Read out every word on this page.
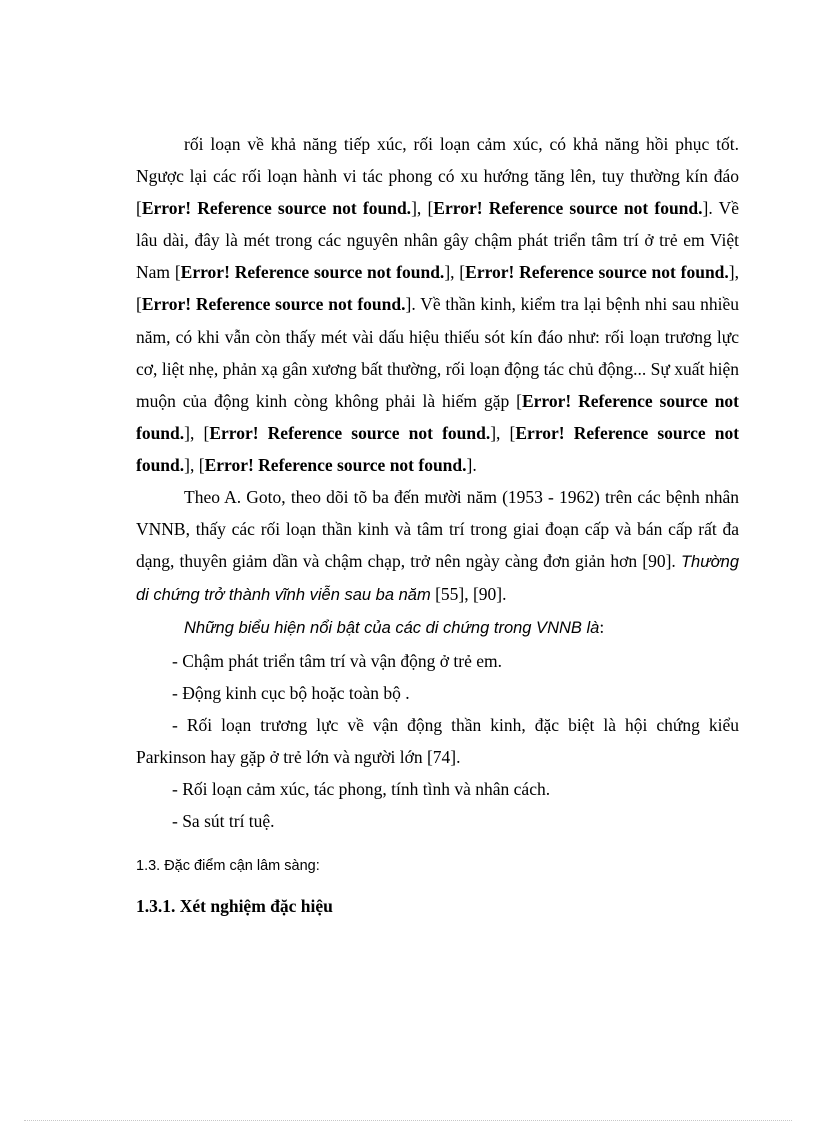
rối loạn về khả năng tiếp xúc, rối loạn cảm xúc, có khả năng hồi phục tốt. Ngược lại các rối loạn hành vi tác phong có xu hướng tăng lên, tuy thường kín đáo [Error! Reference source not found.], [Error! Reference source not found.]. Về lâu dài, đây là mét trong các nguyên nhân gây chậm phát triển tâm trí ở trẻ em Việt Nam [Error! Reference source not found.], [Error! Reference source not found.], [Error! Reference source not found.]. Về thần kinh, kiểm tra lại bệnh nhi sau nhiều năm, có khi vẫn còn thấy mét vài dấu hiệu thiếu sót kín đáo như: rối loạn trương lực cơ, liệt nhẹ, phản xạ gân xương bất thường, rối loạn động tác chủ động... Sự xuất hiện muộn của động kinh còng không phải là hiếm gặp [Error! Reference source not found.], [Error! Reference source not found.], [Error! Reference source not found.], [Error! Reference source not found.].

Theo A. Goto, theo dõi tõ ba đến mười năm (1953 - 1962) trên các bệnh nhân VNNB, thấy các rối loạn thần kinh và tâm trí trong giai đoạn cấp và bán cấp rất đa dạng, thuyên giảm dần và chậm chạp, trở nên ngày càng đơn giản hơn [90]. Thường di chứng trở thành vĩnh viễn sau ba năm [55], [90].

Những biểu hiện nổi bật của các di chứng trong VNNB là:

- Chậm phát triển tâm trí và vận động ở trẻ em.

- Động kinh cục bộ hoặc toàn bộ .

- Rối loạn trương lực về vận động thần kinh, đặc biệt là hội chứng kiểu Parkinson hay gặp ở trẻ lớn và người lớn [74].

- Rối loạn cảm xúc, tác phong, tính tình và nhân cách.

- Sa sút trí tuệ.

1.3. Đặc điểm cận lâm sàng:

1.3.1. Xét nghiệm đặc hiệu
